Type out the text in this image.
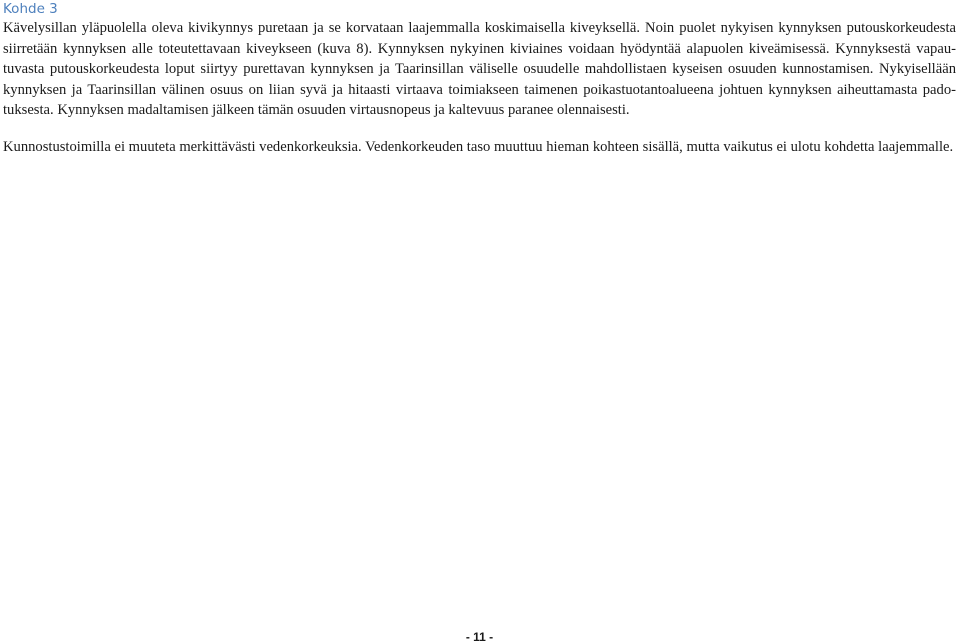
Kohde 3

Kävelysillan yläpuolella oleva kivikynnys puretaan ja se korvataan laajemmalla koskimaisella kiveyksellä. Noin puolet nykyisen kynnyksen putouskorkeudesta siirretään kynnyksen alle toteutettavaan kiveykseen (kuva 8). Kynnyksen nykyinen kiviaines voidaan hyödyntää alapuolen kiveämisessä. Kynnyksestä vapautuvasta putouskorkeudesta loput siirtyy purettavan kynnyksen ja Taarinsillan väliselle osuudelle mahdollistaen kyseisen osuuden kunnostamisen. Nykyisellään kynnyksen ja Taarinsillan välinen osuus on liian syvä ja hitaasti virtaava toimiakseen taimenen poikastuotantoalueena johtuen kynnyksen aiheuttamasta padotuksesta. Kynnyksen madaltamisen jälkeen tämän osuuden virtausnopeus ja kaltevuus paranee olennaisesti.

Kunnostustoimilla ei muuteta merkittävästi vedenkorkeuksia. Vedenkorkeuden taso muuttuu hieman kohteen sisällä, mutta vaikutus ei ulotu kohdetta laajemmalle.

- 11 -
